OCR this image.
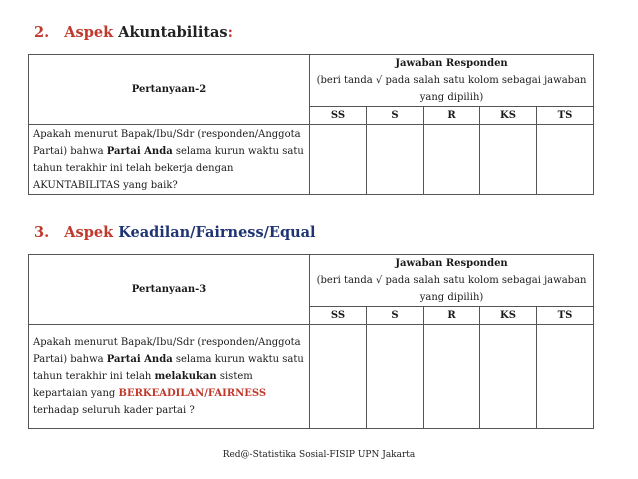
2. Aspek Akuntabilitas:
Pertanyaan-2	Jawaban Responden
(beri tanda √ pada salah satu kolom sebagai jawaban yang dipilih)				

	SS	S	R	KS	TS
Apakah menurut Bapak/Ibu/Sdr (responden/Anggota Partai) bahwa Partai Anda selama kurun waktu satu tahun terakhir ini telah bekerja dengan AKUNTABILITAS yang baik?					
3. Aspek Keadilan/Fairness/Equal
Pertanyaan-3	Jawaban Responden
(beri tanda √ pada salah satu kolom sebagai jawaban yang dipilih)				

	SS	S	R	KS	TS
Apakah menurut Bapak/Ibu/Sdr (responden/Anggota Partai) bahwa Partai Anda selama kurun waktu satu tahun terakhir ini telah melakukan sistem kepartaian yang BERKEADILAN/FAIRNESS terhadap seluruh kader partai ?					
Red@-Statistika Sosial-FISIP UPN Jakarta
